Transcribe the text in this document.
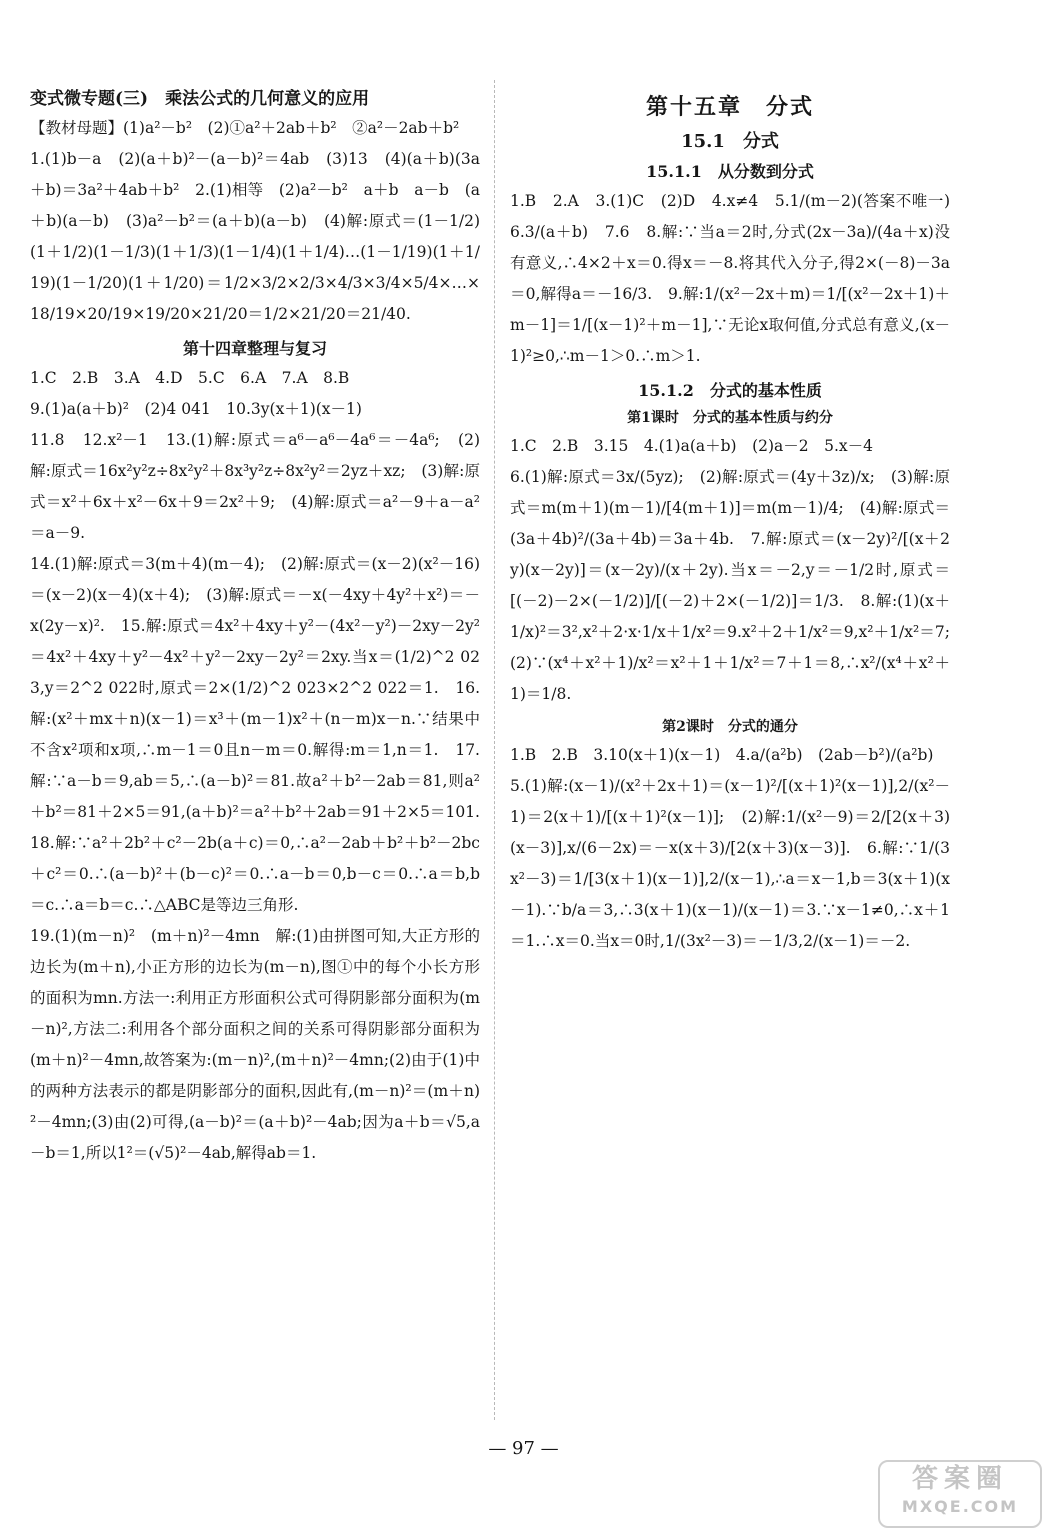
变式微专题(三)　乘法公式的几何意义的应用

【教材母题】(1)a²－b²　(2)①a²＋2ab＋b²　②a²－2ab＋b²

1.(1)b－a　(2)(a＋b)²－(a－b)²＝4ab　(3)13　(4)(a＋b)(3a＋b)＝3a²＋4ab＋b²　2.(1)相等　(2)a²－b²　a＋b　a－b　(a＋b)(a－b)　(3)a²－b²＝(a＋b)(a－b)　(4)解:原式＝(1－1/2)(1＋1/2)(1－1/3)(1＋1/3)(1－1/4)(1＋1/4)…(1－1/19)(1＋1/19)(1－1/20)(1＋1/20)＝1/2×3/2×2/3×4/3×3/4×5/4×…×18/19×20/19×19/20×21/20＝1/2×21/20＝21/40.

第十四章整理与复习

1.C　2.B　3.A　4.D　5.C　6.A　7.A　8.B

9.(1)a(a＋b)²　(2)4 041　10.3y(x＋1)(x－1)

11.8　12.x²－1　13.(1)解:原式＝a⁶－a⁶－4a⁶＝－4a⁶;　(2)解:原式＝16x²y²z÷8x²y²＋8x³y²z÷8x²y²＝2yz＋xz;　(3)解:原式＝x²＋6x＋x²－6x＋9＝2x²＋9;　(4)解:原式＝a²－9＋a－a²＝a－9.

14.(1)解:原式＝3(m＋4)(m－4);　(2)解:原式＝(x－2)(x²－16)＝(x－2)(x－4)(x＋4);　(3)解:原式＝－x(－4xy＋4y²＋x²)＝－x(2y－x)².　15.解:原式＝4x²＋4xy＋y²－(4x²－y²)－2xy－2y²＝4x²＋4xy＋y²－4x²＋y²－2xy－2y²＝2xy.当x＝(1/2)^2 023,y＝2^2 022时,原式＝2×(1/2)^2 023×2^2 022＝1.　16.解:(x²＋mx＋n)(x－1)＝x³＋(m－1)x²＋(n－m)x－n.∵结果中不含x²项和x项,∴m－1＝0且n－m＝0.解得:m＝1,n＝1.　17.解:∵a－b＝9,ab＝5,∴(a－b)²＝81.故a²＋b²－2ab＝81,则a²＋b²＝81＋2×5＝91,(a＋b)²＝a²＋b²＋2ab＝91＋2×5＝101.　18.解:∵a²＋2b²＋c²－2b(a＋c)＝0,∴a²－2ab＋b²＋b²－2bc＋c²＝0.∴(a－b)²＋(b－c)²＝0.∴a－b＝0,b－c＝0.∴a＝b,b＝c.∴a＝b＝c.∴△ABC是等边三角形.

19.(1)(m－n)²　(m＋n)²－4mn　解:(1)由拼图可知,大正方形的边长为(m＋n),小正方形的边长为(m－n),图①中的每个小长方形的面积为mn.方法一:利用正方形面积公式可得阴影部分面积为(m－n)²,方法二:利用各个部分面积之间的关系可得阴影部分面积为(m＋n)²－4mn,故答案为:(m－n)²,(m＋n)²－4mn;(2)由于(1)中的两种方法表示的都是阴影部分的面积,因此有,(m－n)²＝(m＋n)²－4mn;(3)由(2)可得,(a－b)²＝(a＋b)²－4ab;因为a＋b＝√5,a－b＝1,所以1²＝(√5)²－4ab,解得ab＝1.

第十五章　分式
15.1　分式
15.1.1　从分数到分式

1.B　2.A　3.(1)C　(2)D　4.x≠4　5.1/(m－2)(答案不唯一)　6.3/(a＋b)　7.6　8.解:∵当a＝2时,分式(2x－3a)/(4a＋x)没有意义,∴4×2＋x＝0.得x＝－8.将其代入分子,得2×(－8)－3a＝0,解得a＝－16/3.　9.解:1/(x²－2x＋m)＝1/[(x²－2x＋1)＋m－1]＝1/[(x－1)²＋m－1],∵无论x取何值,分式总有意义,(x－1)²≥0,∴m－1＞0.∴m＞1.

15.1.2　分式的基本性质
第1课时　分式的基本性质与约分

1.C　2.B　3.15　4.(1)a(a＋b)　(2)a－2　5.x－4

6.(1)解:原式＝3x/(5yz);　(2)解:原式＝(4y＋3z)/x;　(3)解:原式＝m(m＋1)(m－1)/[4(m＋1)]＝m(m－1)/4;　(4)解:原式＝(3a＋4b)²/(3a＋4b)＝3a＋4b.　7.解:原式＝(x－2y)²/[(x＋2y)(x－2y)]＝(x－2y)/(x＋2y).当x＝－2,y＝－1/2时,原式＝[(－2)－2×(－1/2)]/[(－2)＋2×(－1/2)]＝1/3.　8.解:(1)(x＋1/x)²＝3²,x²＋2·x·1/x＋1/x²＝9.x²＋2＋1/x²＝9,x²＋1/x²＝7;(2)∵(x⁴＋x²＋1)/x²＝x²＋1＋1/x²＝7＋1＝8,∴x²/(x⁴＋x²＋1)＝1/8.

第2课时　分式的通分

1.B　2.B　3.10(x＋1)(x－1)　4.a/(a²b)　(2ab－b²)/(a²b)

5.(1)解:(x－1)/(x²＋2x＋1)＝(x－1)²/[(x＋1)²(x－1)],2/(x²－1)＝2(x＋1)/[(x＋1)²(x－1)];　(2)解:1/(x²－9)＝2/[2(x＋3)(x－3)],x/(6－2x)＝－x(x＋3)/[2(x＋3)(x－3)].　6.解:∵1/(3x²－3)＝1/[3(x＋1)(x－1)],2/(x－1),∴a＝x－1,b＝3(x＋1)(x－1).∵b/a＝3,∴3(x＋1)(x－1)/(x－1)＝3.∵x－1≠0,∴x＋1＝1.∴x＝0.当x＝0时,1/(3x²－3)＝－1/3,2/(x－1)＝－2.

— 97 —
答案圈
MXQE.COM
